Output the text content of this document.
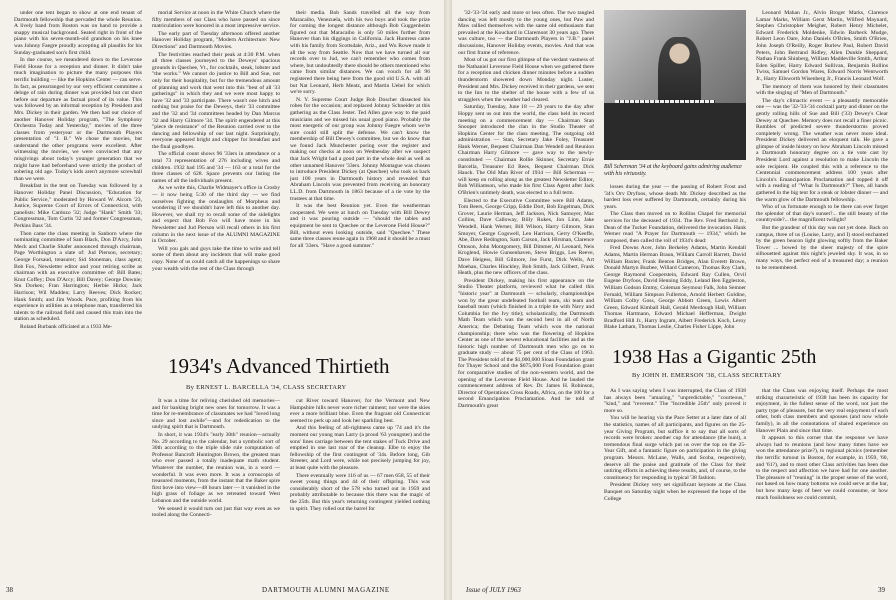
under one tent began to show at one end tenant of Dartmouth fellowship that pervaded the whole Reunion. A lively band from Boston was on hand to provide a snappy musical background. Seated right in front of the piano with his seven-month-old grandson on his knee was Johnny Faegre proudly accepting all plaudits for his Sunday-graduated son's first child.

In due course, we meandered down to the Leverone Field House for a reception and dinner. It didn't take much imagination to picture the many purposes this terrific building — like the Hopkins Center — can serve. In fact, as prearranged by our very efficient committee a deluge of rain during dinner was provided but cut short before our departure as factual proof of its value. This was followed by an informal reception by President and Mrs. Dickey in their garden. We then had our choice of another Hanover Holiday program, "The Symphony Orchestra Today and Yesterday," movies of the three classes from yesteryear or the Dartmouth Players presentation of "J. B." We chose the movies, but understand the other programs were excellent. After witnessing the movies, we were convinced that any misgivings about today's younger generation that we might have had beforehand were strictly the product of sobering old age. Today's kids aren't anymore screwball than we were.

Breakfast in the tent on Tuesday was followed by a Hanover Holiday Panel Discussion, "Education for Public Service," moderated by Howard W. Alcorn '23, Justice, Supreme Court of Errors of Connecticut, with panelists: Mike Cardozo '32; Judge "Hank" Smith '33; Congressman, Tom Curtis '32 and former Congressman, Perkins Bass '34.

Then came the class meeting in Sanborn where the nominating committee of Sam Black, Don D'Arcy, John Meck and Charlie Shafer announced through chairman, Page Worthington a slate of: Jud Pierson, secretary; George Forsaud, treasurer; Sid Stoneman, class agent; Bob Fox, Newsletter editor and your retiring scribe as chairman with an executive committee of: Bill Bates; Knut Coffey; Don D'Arcy; Bill Davey; George Downie; Stu Dorken; Fran Harrington; Herbie Hicks; Jack Harrison; Wil Madden; Larry Reeves; Dick Rocker; Hank Smith; and Jim Woods. Pace, profiting from his experience in utilities as a telephone man, transferred his talents to the railroad field and caused this train into the station as scheduled.

Roland Burbank officiated at a 1933 Me-

morial Service at noon in the White Church where the fifty members of our Class who have passed on since matriculation were honored in a most impressive service.

The early part of Tuesday afternoon offered another Hanover Holiday program, "Modern Architecture: New Directions" and Dartmouth Movies.

The festivities reached their peak at 4:30 P.M. when all three classes journeyed to the Deweys' spacious grounds in Quechee, Vt., for cocktails, steak, lobster and "the works." We cannot do justice to Bill and Sue, not only for their hospitality, but for the tremendous amount of planning and work that went into this "best of all '33 gatherings" in which they and we were most happy to have '32 and '33 participate. There wasn't one hitch and nothing but praise for the Deweys, their '33 committee and the '32 and '34 committees headed by Dan Marcus '32 and Harry Gilmore '34. The spirit engendered at this "piece de resistance" of the Reunion carried over to the dancing and fellowship of our last night. Surprisingly, everyone appeared bright and chipper for breakfast and the final goodbyes.

The official count shows 96 '33ers in attendance or a total 73 representation of 276 including wives and children. 1932 had 195 and '34 — 163 or a total for the three classes of 628. Space prevents our listing the names of all the individuals present.

As we write this, Charlie Widmayer's office in Crosby — it now being 5:30 of the third day — we find ourselves fighting the onslaughts of Morpheus and wondering if we shouldn't have left this to another day. However, we shall try to recall some of the sidelights and expect that Bob Fox will have more in his Newsletter and Jud Pierson will recall others in his first column in the next issue of the ALUMNI MAGAZINE in October.

Will you gals and guys take the time to write and tell some of them about any incidents that will make good copy. None of us could catch all the happenings so share your wealth with the rest of the Class through

their media. Bob Sands travelled all the way from Maracaibo, Venezuela, with his two boys and took the prize for coming the longest distance although Bob Guggenheim figured out that Maracaibo is only 50 miles further from Hanover than his diggings in California. Jack Huntress came with his family from Scottsdale, Ariz., and Wu Rowe made it all the way from Seattle. Now that we have turned all our records over to Jud, we can't remember who comes from where, but undoubtedly there should be others mentioned who came from similar distances. We can vouch for all 96 registered there being here from the good old U.S.A. with all but Nat Leonard, Herb Meatz, and Martin Uebel for which we're sorry.

N. Y. Supreme Court Judge Bob Doscher dissected his robes for the occasion; and replaced Johnny Schneider at this gathering as the Class Jester. Ted Allen gave way to the paid musicians and we missed his usual good piano. Probably the most energetic of our group was Johnny Faegre whom we're sure could still split the defense. We can't know the membership of Bill Dewey's committee, but we do know that we found Jack Munchester poring over the register and making our checks at noon on Wednesday after we suspect that Jack Wright had a good part in the whole deal as well as other unnamed Hanover '33ers. Johnny Montague was chosen to introduce President Dickey (at Quechee) who took us back just 100 years in Dartmouth history and revealed that Abraham Lincoln was prevented from receiving an honorary LL.D. from Dartmouth in 1863 because of a tie vote by the trustees at that time.

It was the best Reunion yet. Even the weatherman cooperated. We were at lunch on Tuesday with Bill Dewey and it was pouring outside — "should the tables and equipment be sent to Quechee or the Leverone Field House?" Bill, without even looking outside, said "Quechee." These same three classes reune again in 1968 and it should be a must for all '33ers. "Have a good summer."

1934's Advanced Thirtieth
By ERNEST L. BARCELLA '34, CLASS SECRETARY

It was a time for reliving cherished old memories—and for banking bright new ones for tomorrow. It was a time for re-membrance of classmates we had "loved long since and lost awhile"—and for rededication to the undying spirit that is Dartmouth.

In short, it was 1934's "early 30th" reunion—actually No. 29 according to the calendar, but a symbolic sort of 30th according to the triple slide rule computation of Professor Bancroft Huntington Brown, the greatest man who ever passed a totally inadequate math student. Whatever the number, the reunion was, in a word — wonderful. It was even more. It was a cornucopia of treasured moments, from the instant that the Baker spire first hove into view—48 hours later — it vanished in the high grass of foliage as we retreated toward West Lebanon and the outside world.

We sensed it would turn out just that way even as we tooled along the Connecti-

cut River toward Hanover, for the Vermont and New Hampshire hills never wore richer raiment; nor were the skies ever a more brilliant blue. Even the fragrant old Connecticut seemed to perk up and look her sparkling best.

And this feeling of all-rightness came up '74 and it's the moment our young man Larry (a proud '63 youngster) and the sons' lines carriage between the tent stakes of Tuck Drive and emptied in one last roar of the cleanup. Elbe to enjoy the fellowship of the first contingent of '34s. Before long, Gib Streeter, and Lord were, while not precisely jumping for joy, at least quite with the pleasure.

There eventually were 116 of us — 67 men 658, 55 of their sweet young things and 44 of their offspring. This was considerably short of the 578 who turned out in 1959 and probably attributable to because this there was the magic of the 25th. But this year's returning contingent yielded nothing in spirit. They rolled out the barrel for

38	DARTMOUTH ALUMNI MAGAZINE

'32-'33-'34 early and more or less often. The two tangled dancing was left mostly to the young ones, but Paw and Maw rallied themselves with the same old enthusiasm that prevailed at the Kouchard in Claremont 30 years ago. There was culture, too — the Dartmouth Players in "J.B." panel discussions, Hanover Holiday events, movies. And that was our first frame of reference.

Most of us got our first glimpse of the verdant vastness of the Nathaniel Leverone Field House when we gathered there for a reception and chicken dinner minutes before a sudden thunderstorm showered down Monday night. Luster, President and Mrs. Dickey received in their gardens, we sent to the Inn to the shelter of the house with a few of us stragglers when the weather had cleared.

Saturday, Tuesday, June 18 — 29 years to the day after Hoppy sent us out into the world, the class held its record meeting on a commencement day — Chairman Stan Snooper introduced the clan in the Studio Theater of Hopkins Center for the class meeting. The outgoing old administration — Stan, Secretary Jake Foley, Treasurer Hank Werner, Bequest Chairman Dan Wendell and Reunion Chairman Harry Gilmore — gave way to the newly-constituted — Chairman Rollie Skinner, Secretary Ernie Barcella, Treasurer Ed Rees, Bequest Chairman Dick Hauck. The Old Man River of 1934 — Bill Scherman — will keep on rolling along as the greatest Newsletter Editor, Bob Williamson, who made his first Class Agent after Jack O'Brien's untimely death, was elected to a full term.

Elected to the Executive Committee were Bill Adams, Tom Beers, George Cripp, Eddie Dort, Bob Engelman, Dick Grover, Laurie Herman, Jeff Jackson, Nick Samoyer, Mac Collins, Dave Calloway, Billy Rukes, Jon Linn, Jake Wendell, Hank Werner, Bill Wilson, Harry Gilmore, Stan Smoyer, George Cogswell, Len Harrison, Gerry O'Keeffe, Abe, Dave Redington, Sam Carson, Jack Hirsman, Clarence Ottoson, John Montgomery, Bill Dimmer, Al Leonard, Neis Kroglend, Howie Gunsenhaven, Steve Briggs, Les Reeve, Dave Heigess, Bill Gilmore, Joe Furst, Dick Wells, Art Moehan, Charles Hinckley, Bob Smith, Jack Gilbert, Frank Heath, plus the new officers of the class.

President Dickey, making his first appearance on the Studio Theater platform, reviewed what he called this "historic year" at Dartmouth — scholarly, championships won by the great undefeated football team, ski team and baseball team (which finished in a triple tie with Navy and Columbia for the Ivy title); scholastically, the Dartmouth Math Team which was the second best in all of North America; the Debating Team which won the national championship; there who was the flowering of Hopkins Center as one of the newest educational facilities and as the historic high number of Dartmouth men who go on to graduate study — about 75 per cent of the Class of 1963. The President told of the $1,000,000 Sloan Foundation grant for Thayer School and the $675,000 Ford Foundation grant for comparative studies of the non-western world, and the opening of the Leverone Field House. And he lauded the commencement address of Rev. Dr. James H. Robinson, Director of Operations Cross Roads, Africa, on the 100 for a second Emancipation Proclamation. And he told of Dartmouth's great

Bill Scherman '34 at the keyboard gains admiring audience with his virtuosity.

losses during the year — the passing of Robert Frost and '34's Orv Dryfoos, whose death Mr. Dickey described as the hardest loss ever suffered by Dartmouth, certainly during his years.

The Class then moved on to Rollins Chapel for memorial services for the deceased of 1934. The Rev. Fred Berthold Jr., Dean of the Tucker Foundation, delivered the invocation. Hank Werner read "A Prayer for Dartmouth — 1934," which he composed, then called the roll of 1934's dead:

Fred Downs Acer, John Berkeley Adams, Martin Kendall Adams, Martin Herman Braun, William Carroll Barrett, David William Baxter, Frank Benton Bridges, Alan Everett Brown, Donald Martyn Buzbee, Willard Cameron, Thomas Roy Clark, George Raymond Cooperstein, Edward Ray Cullen, Orvil Eugene Dryfoos, David Henning Eddy, Leland Ben Eggleston, William Godson Emmy, Coleman Seymour Falk, John Semner Fernald, William Simpson Fullerton, Arnold Herbert Goldine, William Colby Goss, George Abbott Green, Lewis Albert Green, Edward Kimball Hall, Gerald Merdough Hall, William Thomas Hartmann, Edward Michael Hefferman, Dwight Bradford Hill Jr., Harry Ingram, Albert Frederick Koch, Leroy Blake Latham, Thomas Leslie, Charles Fisher Lippe, John

Leonard Mahan Jr., Alvin Broger Marks, Clarence Lamar Marks, William Gerst Martin, Wilfred Maynard, Stephen Christopher Meigher, Robert Henry Michelet, Edward Frederick Moldenke, Edwin Barbeck Mudge, Robert Leon Oare, John Daniels O'Brien, Smith O'Brien, John Joseph O'Reilly, Roger Burlew Paul, Robert David Peters, John Bertrand Ridley, Allen Dunkle Sheppard, Nathan Frank Shinberg, William Maddeville Smith, Arthur Eden Spiller, Harry Edward Sullivan, Benjamin Rollins Twiss, Samuel Gordon Wares, Edward Norris Wentworth Jr., Harry Ellsworth Wisenberg Jr., Francis Leonard Wolf.

The memory of them was honored by their classmates with the singing of "Men of Dartmouth."

The day's climactic event — a pleasantly memorable one — was the '32-'33-'34 cocktail party and dinner on the gently rolling hills of Sue and Bill ('33) Dewey's Clear Dewey at Quechee. Memory does not recall a finer picnic. Rumbles of predicted severe thunderstorms proved completely wrong. The weather was never more ideal. President Dickey delivered an eloquent talk. He gave a glimpse of inside history on how Abraham Lincoln missed a Dartmouth honorary degree on a tie vote cast by President Lord against a resolution to make Lincoln the sole recipient. He coupled this with a reference to the Centennial commencement address 100 years after Lincoln's Emancipation Proclamation and topped it off with a reading of "What Is Dartmouth?" Then, all hands gathered in the big tent for a steak or lobster dinner — and the warm glow of the Dartmouth fellowship.

Who of us fortunate enough to be there can ever forget the splendor of that day's sunset?... the still beauty of the countryside?... the magnificent twilight?

But the grandeur of this day was not yet done. Back on campus, three of us (Louise, Larry, and I) stood enchanted by the green beacon light glowing softly from the Baker Tower ... bowed by the sheer majesty of the spire silhouetted against this night's jeweled sky. It was, in so many ways, the perfect end of a treasured day; a reunion to be remembered.

1938 Has a Gigantic 25th
By JOHN H. EMERSON '38, CLASS SECRETARY

As I was saying when I was interrupted, the Class of 1938 has always been "amazing," "unpredictable," "courteous," "kind," and "reverent." The "Incredible 25th" only proved it more so.

You will be hearing via the Pace Setter at a later date of all the statistics, names of all participants, and figures on the 25-year Giving Program, but suffice it to say that all sorts of records were broken: another cup for attendance (the hunt), a tremendous final surge which put us over the top on the 25-Year Gift, and a fantastic figure on participation in the giving program. Messrs. McLane, Walls, and Scoba, respectively, deserve all the praise and gratitude of the Class for their untiring efforts in achieving these results, and, of course, to the constituency for responding in typical '38 fashion.

President Dickey very set significant keynote at the Class Banquet on Saturday night when he expressed the hope of the College

that the Class was enjoying itself. Perhaps the most striking characteristic of 1938 has been its capacity for enjoyment, in the fullest sense of the word, not just the party type of pleasure, but the very real enjoyment of each other, both class members and spouses (and now whole family), in all the connotations of shared experience on Hanover Plain and since that time.

It appears to this corner that the response we have always had to reunions (and how many times have we won the attendance prize?), to regional picnics (remember the terrific turnout in Boston, for example, in 1959, '60, and '61?), and to most other Class activities has been due to the respect and affection we have had for one another. The pleasure of "reuning" in the proper sense of the word, not based on how many bottoms we could serve at the bar, but how many kegs of beer we could consume, or how much foolishness we could commit,

Issue of JULY 1963	39
